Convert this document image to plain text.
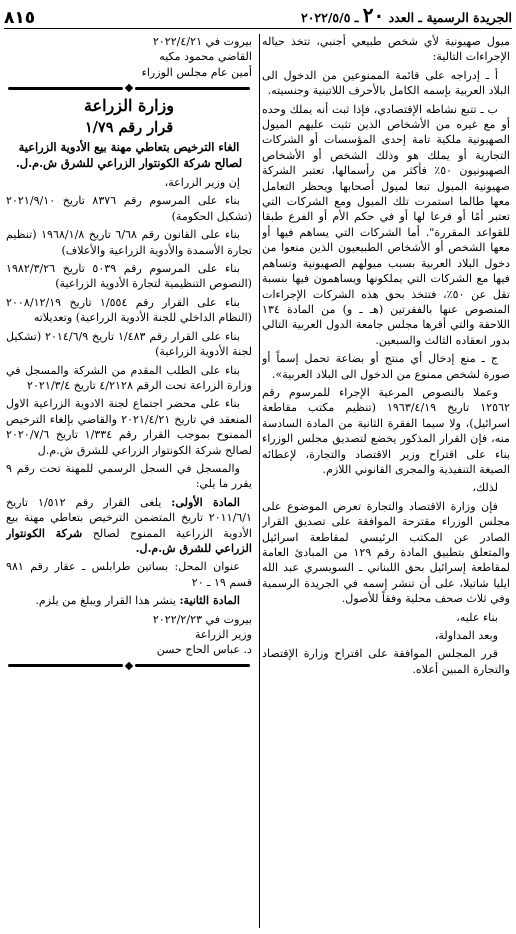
الجريدة الرسمية ـ العدد ٢٠ ـ ٢٠٢٢/٥/٥
٨١٥

ميول صهيونية لأي شخص طبيعي أجنبي، تتخذ حياله الإجراءات التالية:

أ ـ إدراجه على قائمة الممنوعين من الدخول الى البلاد العربية بإسمه الكامل بالأحرف اللاتينية وجنسيته.

ب ـ تتبع نشاطه الإقتصادي، فإذا ثبت أنه يملك وحده أو مع غيره من الأشخاص الذين تثبت عليهم الميول الصهيونية ملكية تامة إحدى المؤسسات أو الشركات التجارية أو يملك هو وذلك الشخص أو الأشخاص الصهيونيون ٥٠٪ فأكثر من رأسمالها، تعتبر الشركة صهيونية الميول تبعا لميول أصحابها ويحظر التعامل معها طالما استمرت تلك الميول ومع الشركات التي تعتبر أمًا أو فرعا لها أو في حكم الأم أو الفرع طبقا للقواعد المقررة". أما الشركات التي يساهم فيها أو معها الشخص أو الأشخاص الطبيعيون الذين منعوا من دخول البلاد العربية بسبب ميولهم الصهيونية وتساهم فيها مع الشركات التي يملكونها ويساهمون فيها بنسبة تقل عن ٥٠٪، فتتخذ بحق هذه الشركات الإجراءات المنصوص عنها بالفقرتين (هـ ـ و) من المادة ١٣٤ اللاحقة والتي أقرها مجلس جامعة الدول العربية التالي بدور انعقاده الثالث والسبعين.

ج ـ منع إدخال أي منتج أو بضاعة تحمل إسماً أو صورة لشخص ممنوع من الدخول الى البلاد العربية».

وعملا بالنصوص المرعية الإجراء للمرسوم رقم ١٢٥٦٢ تاريخ ١٩٦٣/٤/١٩ (تنظيم مكتب مقاطعة اسرائيل)، ولا سيما الفقرة الثانية من المادة السادسة منه، فإن القرار المذكور يخضع لتصديق مجلس الوزراء بناء على اقتراح وزير الاقتصاد والتجارة، لإعطائه الصيغة التنفيذية والمجرى القانوني اللازم.

لذلك،

فإن وزارة الاقتصاد والتجارة تعرض الموضوع على مجلس الوزراء مقترحة الموافقة على تصديق القرار الصادر عن المكتب الرئيسي لمقاطعة اسرائيل والمتعلق بتطبيق المادة رقم ١٢٩ من المبادئ العامة لمقاطعة إسرائيل بحق اللبناني ـ السويسري عبد الله ايليا شاتيلا، على أن تنشر إسمه في الجريدة الرسمية وفي ثلاث صحف محلية وفقاً للأصول.

بناء عليه،

وبعد المداولة،

قرر المجلس الموافقة على اقتراح وزارة الإقتصاد والتجارة المبين أعلاه.

بيروت في ٢٠٢٢/٤/٢١
القاضي محمود مكيه
أمين عام مجلس الوزراء
وزارة الزراعة
قرار رقم ١/٧٩
الغاء الترخيص بتعاطي مهنة بيع الأدوية الزراعية لصالح شركة الكونتوار الزراعي للشرق ش.م.ل.

إن وزير الزراعة،

بناء على المرسوم رقم ٨٣٧٦ تاريخ ٢٠٢١/٩/١٠ (تشكيل الحكومة)

بناء على القانون رقم ٦/٦٨ تاريخ ١٩٦٨/١/٨ (تنظيم تجارة الأسمدة والأدوية الزراعية والأعلاف)

بناء على المرسوم رقم ٥٠٣٩ تاريخ ١٩٨٢/٣/٢٦ (النصوص التنظيمية لتجارة الأدوية الزراعية)

بناء على القرار رقم ١/٥٥٤ تاريخ ٢٠٠٨/١٢/١٩ (النظام الداخلي للجنة الأدوية الزراعية) وتعديلاته

بناء على القرار رقم ١/٤٨٣ تاريخ ٢٠١٤/٦/٩ (تشكيل لجنة الأدوية الزراعية)

بناء على الطلب المقدم من الشركة والمسجل في وزارة الزراعة تحت الرقم ٤/٢١٢٨ تاريخ ٢٠٢١/٣/٤

بناء على محضر اجتماع لجنة الادوية الزراعية الاول المنعقد في تاريخ ٢٠٢١/٤/٢١ والقاضي بإلغاء الترخيص الممنوح بموجب القرار رقم ١/٣٣٤ تاريخ ٢٠٢٠/٧/٦ لصالح شركة الكونتوار الزراعي للشرق ش.م.ل

والمسجل في السجل الرسمي للمهنة تحت رقم ٩ يقرر ما يلي:

المادة الأولى: يلغى القرار رقم ١/٥١٢ تاريخ ٢٠١١/٦/١ تاريخ المتضمن الترخيص بتعاطي مهنة بيع الأدوية الزراعية الممنوح لصالح شركة الكونتوار الزراعي للشرق ش.م.ل.

عنوان المحل: بساتين طرابلس ـ عقار رقم ٩٨١ قسم ١٩ ـ ٢٠

المادة الثانية: ينشر هذا القرار ويبلغ من يلزم.

بيروت في ٢٠٢٢/٢/٢٣
وزير الزراعة
د. عباس الحاج حسن
